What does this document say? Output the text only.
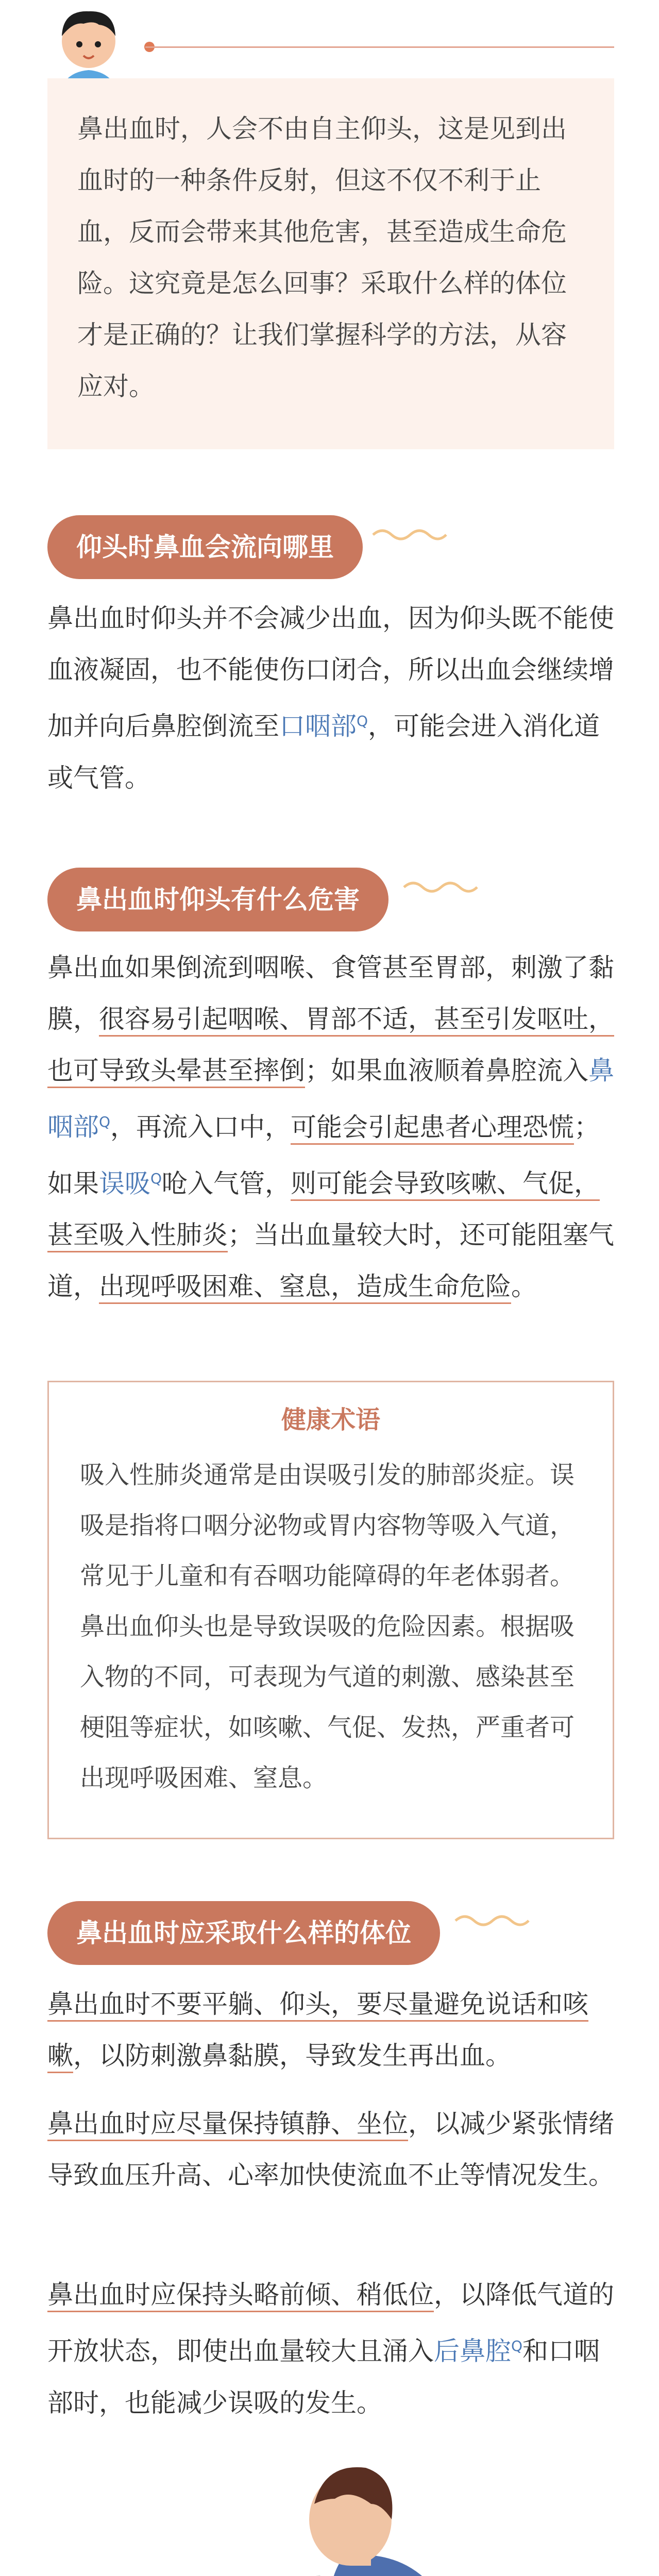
鼻出血时，人会不由自主仰头，这是见到出血时的一种条件反射，但这不仅不利于止血，反而会带来其他危害，甚至造成生命危险。这究竟是怎么回事？采取什么样的体位才是正确的？让我们掌握科学的方法，从容应对。

仰头时鼻血会流向哪里

鼻出血时仰头并不会减少出血，因为仰头既不能使血液凝固，也不能使伤口闭合，所以出血会继续增加并向后鼻腔倒流至口咽部$^Q$，可能会进入消化道或气管。

鼻出血时仰头有什么危害

鼻出血如果倒流到咽喉、食管甚至胃部，刺激了黏膜，很容易引起咽喉、胃部不适，甚至引发呕吐，也可导致头晕甚至摔倒；如果血液顺着鼻腔流入鼻咽部$^Q$，再流入口中，可能会引起患者心理恐慌；如果误吸$^Q$呛入气管，则可能会导致咳嗽、气促，甚至吸入性肺炎；当出血量较大时，还可能阻塞气道，出现呼吸困难、窒息，造成生命危险。

健康术语

吸入性肺炎通常是由误吸引发的肺部炎症。误吸是指将口咽分泌物或胃内容物等吸入气道，常见于儿童和有吞咽功能障碍的年老体弱者。鼻出血仰头也是导致误吸的危险因素。根据吸入物的不同，可表现为气道的刺激、感染甚至梗阻等症状，如咳嗽、气促、发热，严重者可出现呼吸困难、窒息。

鼻出血时应采取什么样的体位

鼻出血时不要平躺、仰头，要尽量避免说话和咳嗽，以防刺激鼻黏膜，导致发生再出血。

鼻出血时应尽量保持镇静、坐位，以减少紧张情绪导致血压升高、心率加快使流血不止等情况发生。

鼻出血时应保持头略前倾、稍低位，以降低气道的开放状态，即使出血量较大且涌入后鼻腔$^Q$和口咽部时，也能减少误吸的发生。
